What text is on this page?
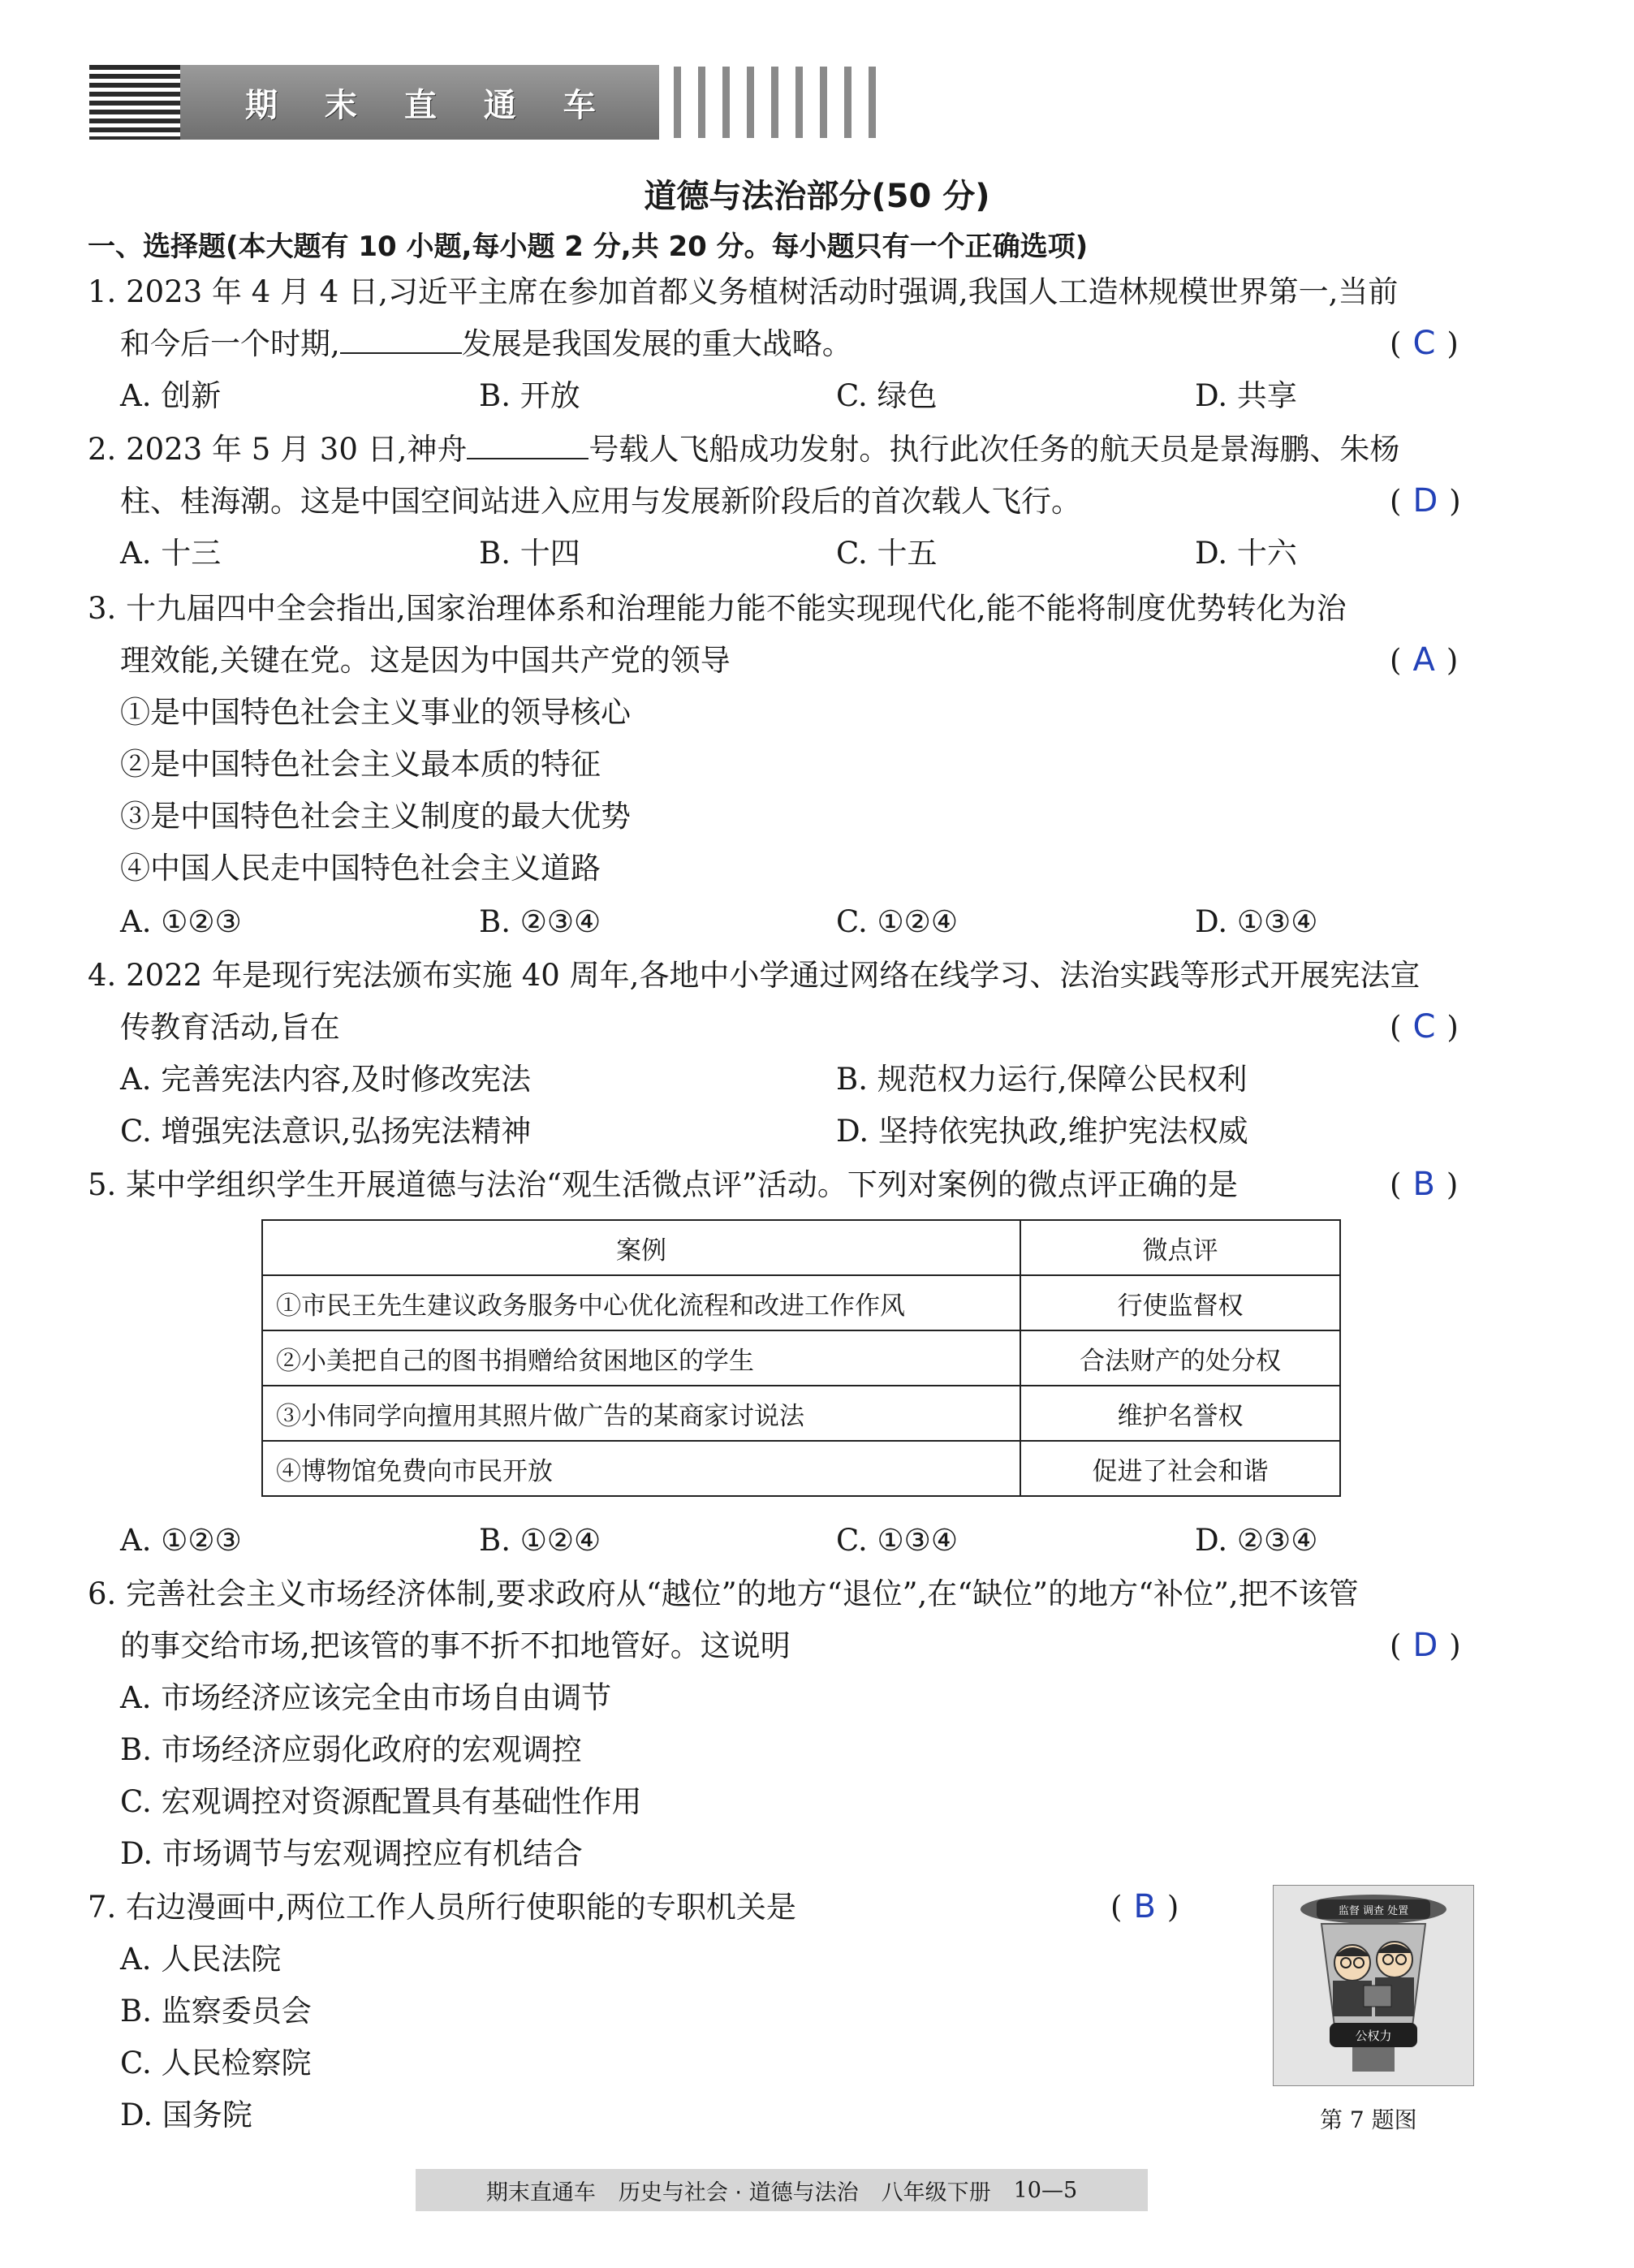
期 末 直 通 车
道德与法治部分(50 分)
一、选择题(本大题有 10 小题,每小题 2 分,共 20 分。每小题只有一个正确选项)
1. 2023 年 4 月 4 日,习近平主席在参加首都义务植树活动时强调,我国人工造林规模世界第一,当前
和今后一个时期,	发展是我国发展的重大战略。	( C )
A. 创新	B. 开放	C. 绿色	D. 共享
2. 2023 年 5 月 30 日,神舟	号载人飞船成功发射。执行此次任务的航天员是景海鹏、朱杨
柱、桂海潮。这是中国空间站进入应用与发展新阶段后的首次载人飞行。	( D )
A. 十三	B. 十四	C. 十五	D. 十六
3. 十九届四中全会指出,国家治理体系和治理能力能不能实现现代化,能不能将制度优势转化为治
理效能,关键在党。这是因为中国共产党的领导	( A )
①是中国特色社会主义事业的领导核心
②是中国特色社会主义最本质的特征
③是中国特色社会主义制度的最大优势
④中国人民走中国特色社会主义道路
A. ①②③	B. ②③④	C. ①②④	D. ①③④
4. 2022 年是现行宪法颁布实施 40 周年,各地中小学通过网络在线学习、法治实践等形式开展宪法宣
传教育活动,旨在	( C )
A. 完善宪法内容,及时修改宪法	B. 规范权力运行,保障公民权利
C. 增强宪法意识,弘扬宪法精神	D. 坚持依宪执政,维护宪法权威
5. 某中学组织学生开展道德与法治“观生活微点评”活动。下列对案例的微点评正确的是	( B )
案例	微点评
①市民王先生建议政务服务中心优化流程和改进工作作风	行使监督权
②小美把自己的图书捐赠给贫困地区的学生	合法财产的处分权
③小伟同学向擅用其照片做广告的某商家讨说法	维护名誉权
④博物馆免费向市民开放	促进了社会和谐
A. ①②③	B. ①②④	C. ①③④	D. ②③④
6. 完善社会主义市场经济体制,要求政府从“越位”的地方“退位”,在“缺位”的地方“补位”,把不该管
的事交给市场,把该管的事不折不扣地管好。这说明	( D )
A. 市场经济应该完全由市场自由调节
B. 市场经济应弱化政府的宏观调控
C. 宏观调控对资源配置具有基础性作用
D. 市场调节与宏观调控应有机结合
7. 右边漫画中,两位工作人员所行使职能的专职机关是	( B )
A. 人民法院
B. 监察委员会
C. 人民检察院
D. 国务院
监督 调查 处置
公权力
第 7 题图
期末直通车 历史与社会 · 道德与法治 八年级下册 10—5
